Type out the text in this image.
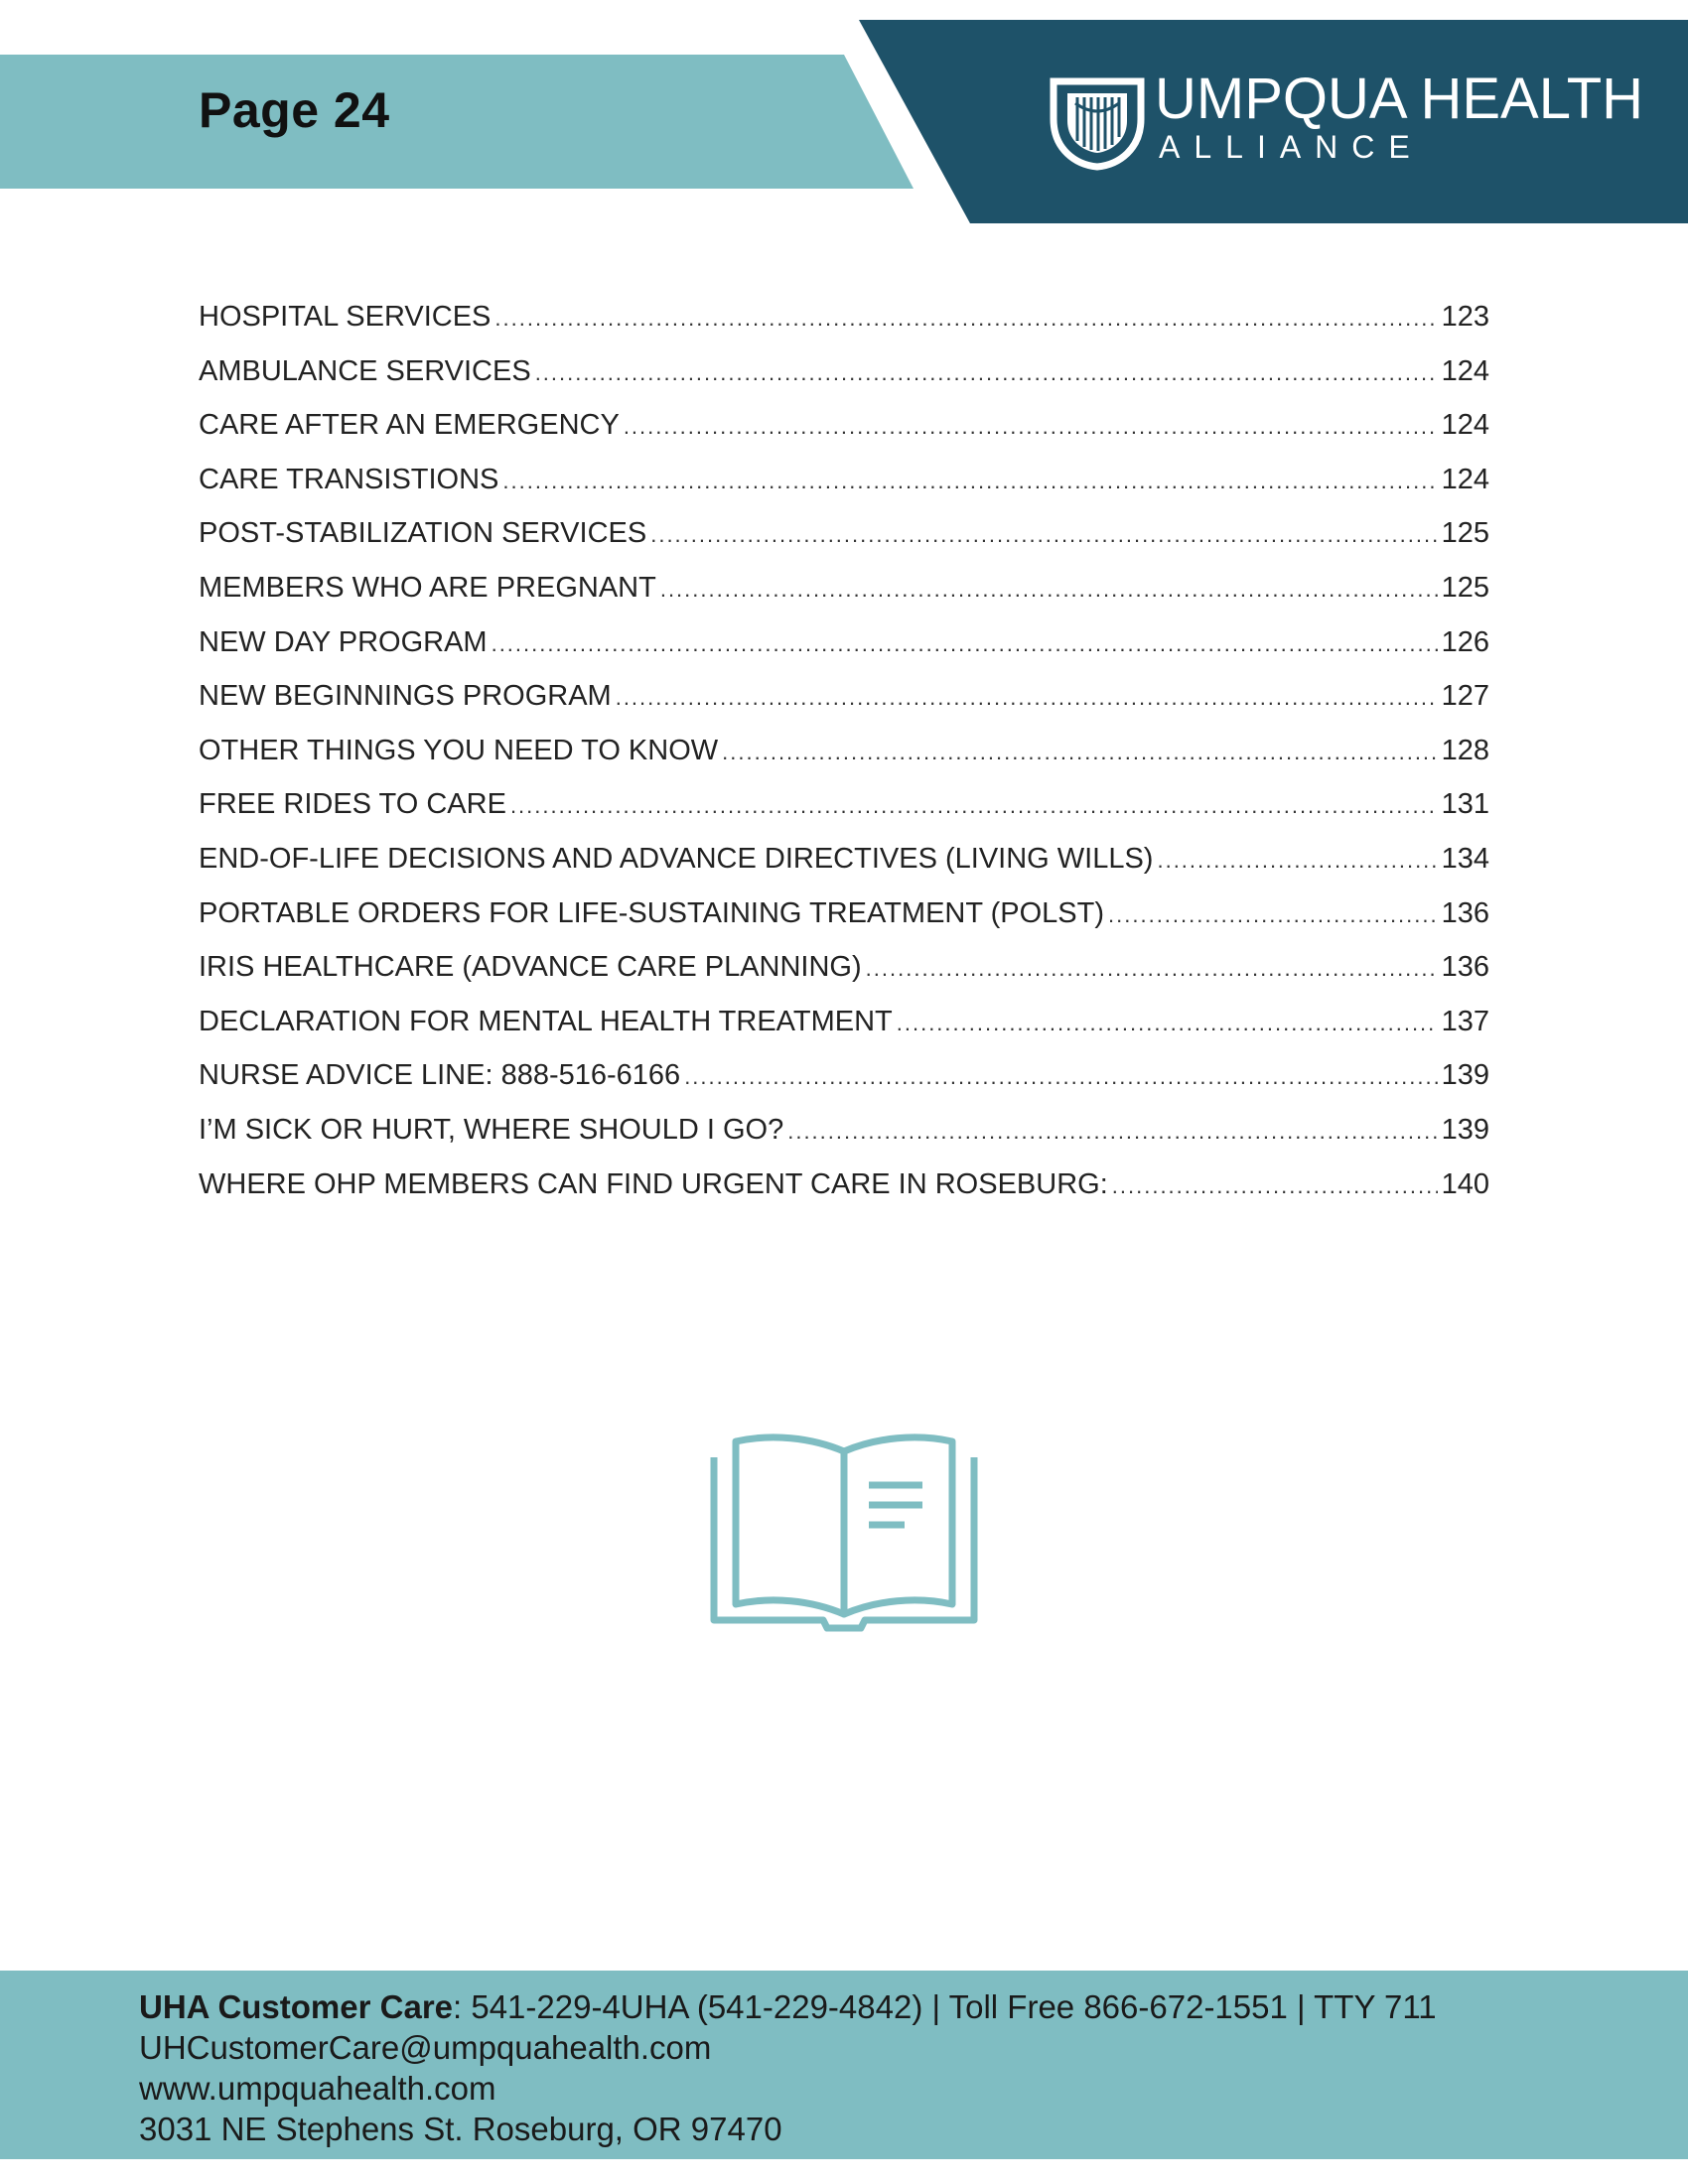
Page 24	UMPQUA HEALTH
ALLIANCE
HOSPITAL SERVICES .....	123
AMBULANCE SERVICES .....	124
CARE AFTER AN EMERGENCY .....	124
CARE TRANSISTIONS .....	124
POST-STABILIZATION SERVICES .....	125
MEMBERS WHO ARE PREGNANT .....	125
NEW DAY PROGRAM .....	126
NEW BEGINNINGS PROGRAM .....	127
OTHER THINGS YOU NEED TO KNOW .....	128
FREE RIDES TO CARE .....	131
END-OF-LIFE DECISIONS AND ADVANCE DIRECTIVES (LIVING WILLS) .....	134
PORTABLE ORDERS FOR LIFE-SUSTAINING TREATMENT (POLST) .....	136
IRIS HEALTHCARE (ADVANCE CARE PLANNING) .....	136
DECLARATION FOR MENTAL HEALTH TREATMENT .....	137
NURSE ADVICE LINE: 888-516-6166 .....	139
I’M SICK OR HURT, WHERE SHOULD I GO? .....	139
WHERE OHP MEMBERS CAN FIND URGENT CARE IN ROSEBURG: .....	140
UHA Customer Care: 541-229-4UHA (541-229-4842) | Toll Free 866-672-1551 | TTY 711
UHCustomerCare@umpquahealth.com
www.umpquahealth.com
3031 NE Stephens St. Roseburg, OR 97470
